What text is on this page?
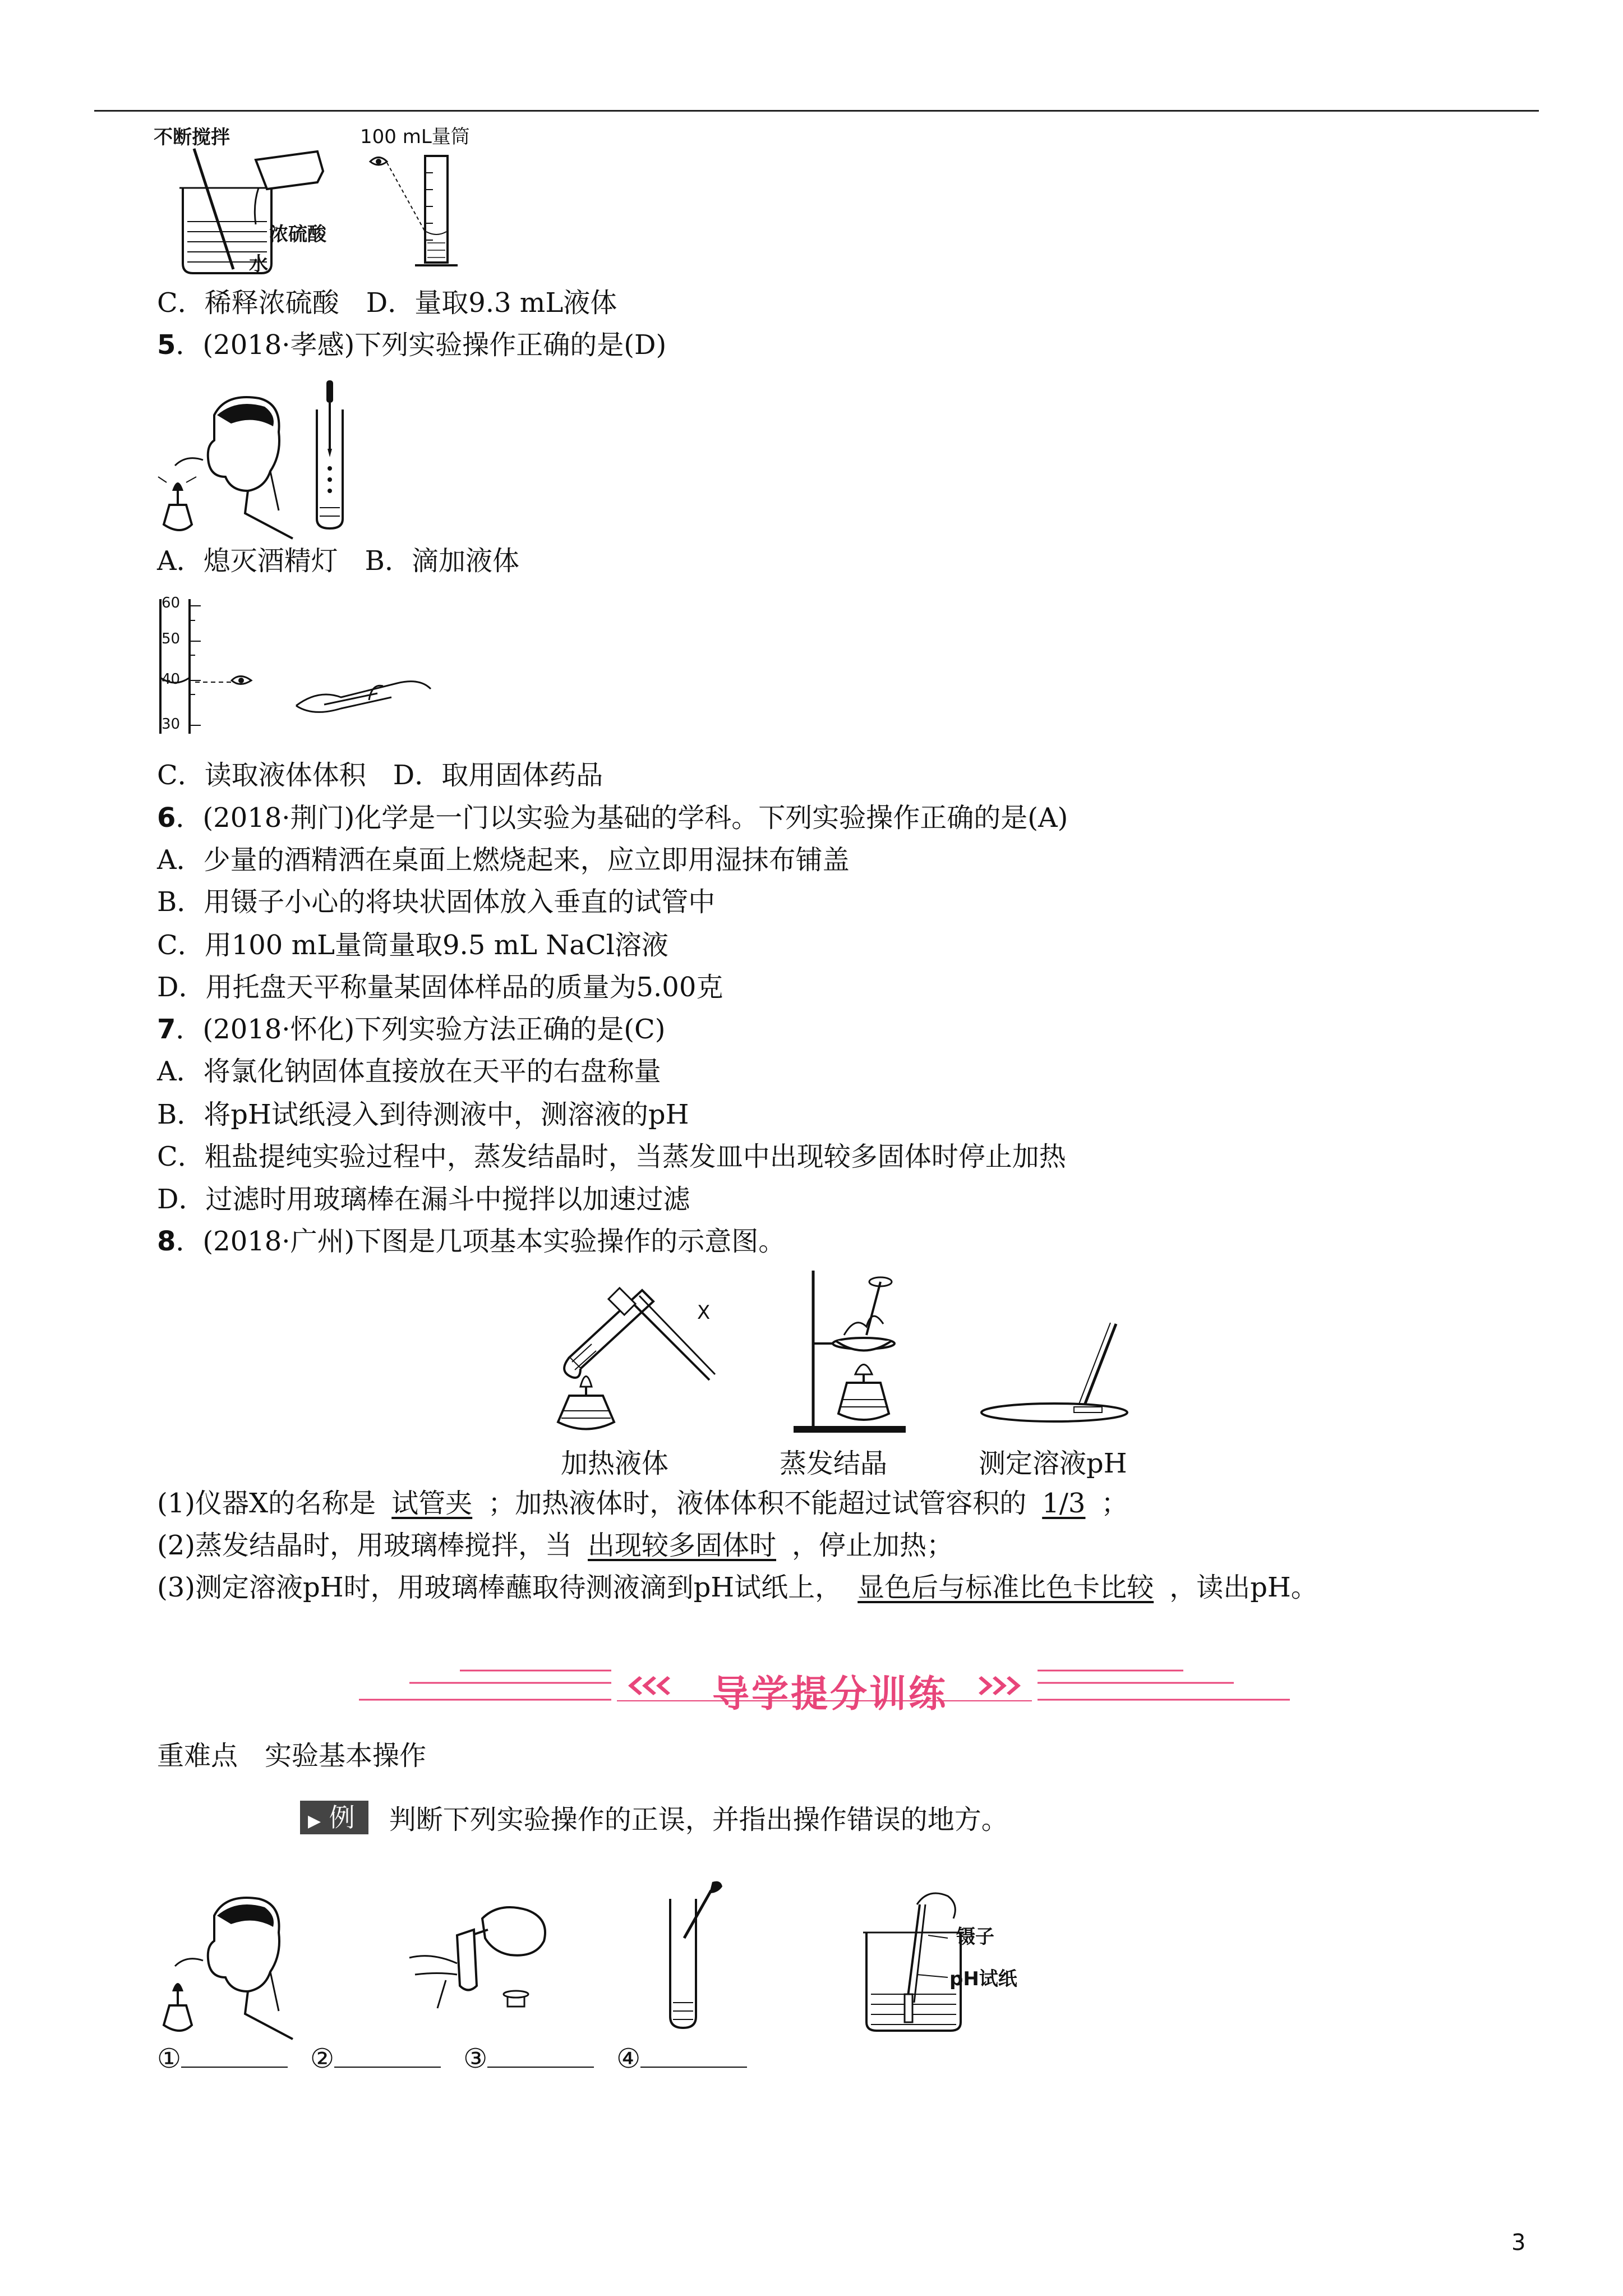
不断搅拌
浓硫酸
水
100 mL量筒
C．稀释浓硫酸　D．量取9.3 mL液体
5．(2018·孝感)下列实验操作正确的是(D)
A．熄灭酒精灯　B．滴加液体
60
50
40
30
C．读取液体体积　D．取用固体药品
6．(2018·荆门)化学是一门以实验为基础的学科。下列实验操作正确的是(A)
A．少量的酒精洒在桌面上燃烧起来，应立即用湿抹布铺盖
B．用镊子小心的将块状固体放入垂直的试管中
C．用100 mL量筒量取9.5 mL NaCl溶液
D．用托盘天平称量某固体样品的质量为5.00克
7．(2018·怀化)下列实验方法正确的是(C)
A．将氯化钠固体直接放在天平的右盘称量
B．将pH试纸浸入到待测液中，测溶液的pH
C．粗盐提纯实验过程中，蒸发结晶时，当蒸发皿中出现较多固体时停止加热
D．过滤时用玻璃棒在漏斗中搅拌以加速过滤
8．(2018·广州)下图是几项基本实验操作的示意图。
X
加热液体	蒸发结晶	测定溶液pH
(1)仪器X的名称是 试管夹 ；加热液体时，液体体积不能超过试管容积的 1/3 ；
(2)蒸发结晶时，用玻璃棒搅拌，当 出现较多固体时 ，停止加热；
(3)测定溶液pH时，用玻璃棒蘸取待测液滴到pH试纸上， 显色后与标准比色卡比较 ，读出pH。
导学提分训练
重难点　实验基本操作
▶ 例 判断下列实验操作的正误，并指出操作错误的地方。
镊子
pH试纸
①	②	③	④
3
